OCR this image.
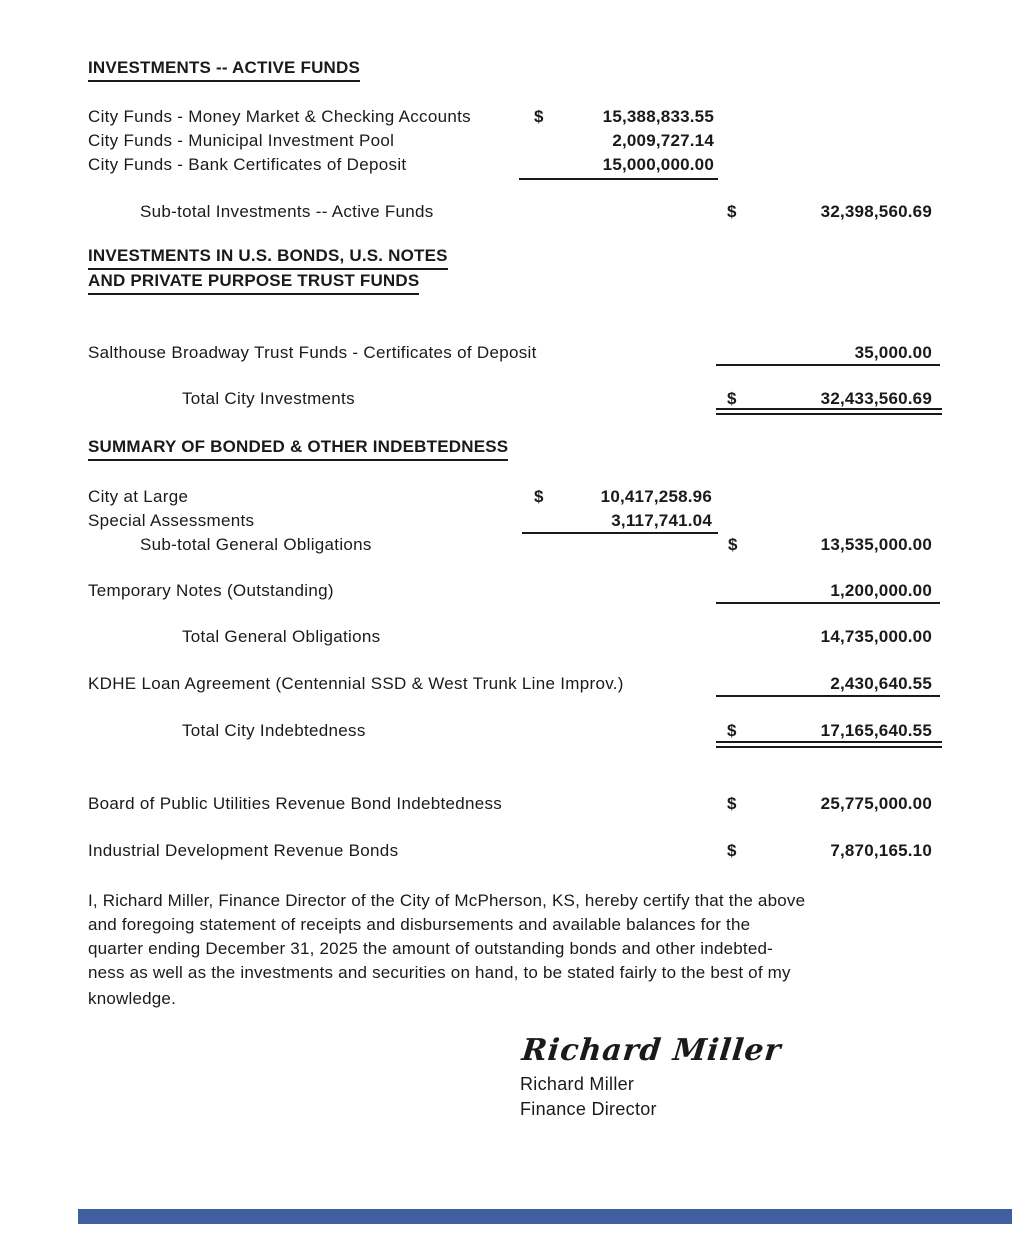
INVESTMENTS -- ACTIVE FUNDS
City Funds - Money Market & Checking Accounts	$	15,388,833.55
City Funds - Municipal Investment Pool	2,009,727.14
City Funds - Bank Certificates of Deposit	15,000,000.00
Sub-total Investments -- Active Funds	$	32,398,560.69
INVESTMENTS IN U.S. BONDS, U.S. NOTES
AND PRIVATE PURPOSE TRUST FUNDS
Salthouse Broadway Trust Funds - Certificates of Deposit	35,000.00
Total City Investments	$	32,433,560.69
SUMMARY OF BONDED & OTHER INDEBTEDNESS
City at Large	$	10,417,258.96
Special Assessments	3,117,741.04
Sub-total General Obligations	$	13,535,000.00
Temporary Notes (Outstanding)	1,200,000.00
Total General Obligations	14,735,000.00
KDHE Loan Agreement (Centennial SSD & West Trunk Line Improv.)	2,430,640.55
Total City Indebtedness	$	17,165,640.55
Board of Public Utilities Revenue Bond Indebtedness	$	25,775,000.00
Industrial Development Revenue Bonds	$	7,870,165.10
I, Richard Miller, Finance Director of the City of McPherson, KS, hereby certify that the above
and foregoing statement of receipts and disbursements and available balances for the
quarter ending December 31, 2025 the amount of outstanding bonds and other indebted-
ness as well as the investments and securities on hand, to be stated fairly to the best of my
knowledge.
Richard Miller
Richard Miller
Finance Director
